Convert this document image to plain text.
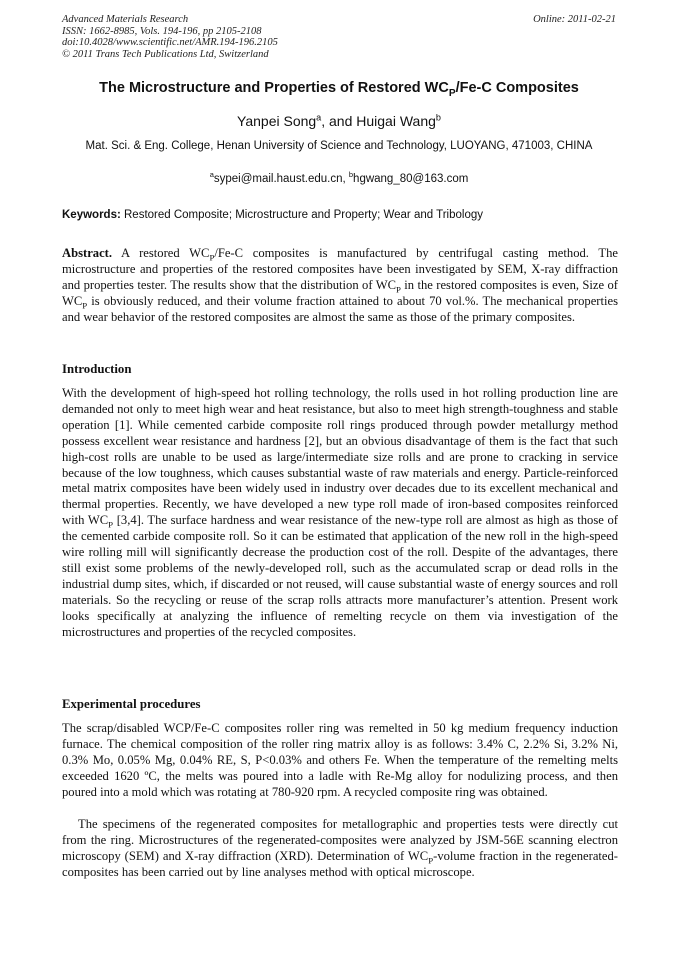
Advanced Materials Research
ISSN: 1662-8985, Vols. 194-196, pp 2105-2108
doi:10.4028/www.scientific.net/AMR.194-196.2105
© 2011 Trans Tech Publications Ltd, Switzerland
Online: 2011-02-21
The Microstructure and Properties of Restored $WC_P/Fe-C$ Composites
Yanpei Song$^a$, and Huigai Wang$^b$
Mat. Sci. & Eng. College, Henan University of Science and Technology, LUOYANG, 471003, CHINA
$^a$sypei@mail.haust.edu.cn, $^b$hgwang_80@163.com
Keywords: Restored Composite; Microstructure and Property; Wear and Tribology
Abstract. A restored $WC_P/Fe-C$ composites is manufactured by centrifugal casting method. The microstructure and properties of the restored composites have been investigated by SEM, X-ray diffraction and properties tester. The results show that the distribution of $WC_P$ in the restored composites is even, Size of $WC_P$ is obviously reduced, and their volume fraction attained to about 70 vol.%. The mechanical properties and wear behavior of the restored composites are almost the same as those of the primary composites.
Introduction
With the development of high-speed hot rolling technology, the rolls used in hot rolling production line are demanded not only to meet high wear and heat resistance, but also to meet high strength-toughness and stable operation [1]. While cemented carbide composite roll rings produced through powder metallurgy method possess excellent wear resistance and hardness [2], but an obvious disadvantage of them is the fact that such high-cost rolls are unable to be used as large/intermediate size rolls and are prone to cracking in service because of the low toughness, which causes substantial waste of raw materials and energy. Particle-reinforced metal matrix composites have been widely used in industry over decades due to its excellent mechanical and thermal properties. Recently, we have developed a new type roll made of iron-based composites reinforced with $WC_P$ [3,4]. The surface hardness and wear resistance of the new-type roll are almost as high as those of the cemented carbide composite roll. So it can be estimated that application of the new roll in the high-speed wire rolling mill will significantly decrease the production cost of the roll. Despite of the advantages, there still exist some problems of the newly-developed roll, such as the accumulated scrap or dead rolls in the industrial dump sites, which, if discarded or not reused, will cause substantial waste of energy sources and roll materials. So the recycling or reuse of the scrap rolls attracts more manufacturer’s attention. Present work looks specifically at analyzing the influence of remelting recycle on them via investigation of the microstructures and properties of the recycled composites.
Experimental procedures
The scrap/disabled WCP/Fe-C composites roller ring was remelted in 50 kg medium frequency induction furnace. The chemical composition of the roller ring matrix alloy is as follows: 3.4% C, 2.2% Si, 3.2% Ni, 0.3% Mo, 0.05% Mg, 0.04% RE, S, P<0.03% and others Fe. When the temperature of the remelting melts exceeded 1620 ºC, the melts was poured into a ladle with Re-Mg alloy for nodulizing process, and then poured into a mold which was rotating at 780-920 rpm. A recycled composite ring was obtained.
The specimens of the regenerated composites for metallographic and properties tests were directly cut from the ring. Microstructures of the regenerated-composites were analyzed by JSM-56E scanning electron microscopy (SEM) and X-ray diffraction (XRD). Determination of $WC_P$-volume fraction in the regenerated-composites has been carried out by line analyses method with optical microscope.
